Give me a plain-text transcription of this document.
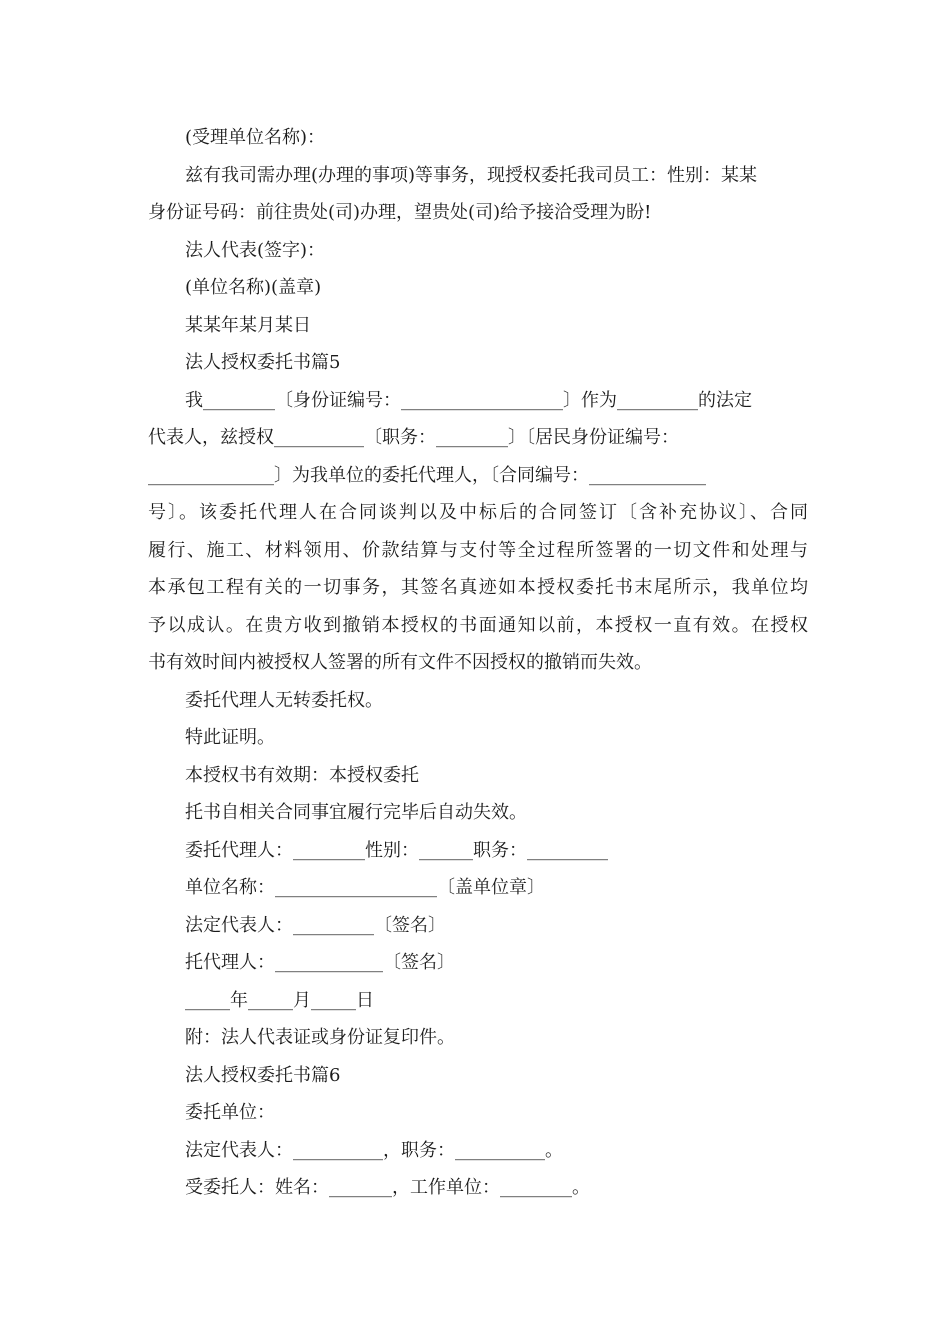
(受理单位名称)：
兹有我司需办理(办理的事项)等事务，现授权委托我司员工：性别：某某
身份证号码：前往贵处(司)办理，望贵处(司)给予接洽受理为盼!
法人代表(签字)：
(单位名称)(盖章)
某某年某月某日
法人授权委托书篇5
我________〔身份证编号：__________________〕作为_________的法定
代表人，兹授权__________〔职务：________〕〔居民身份证编号：
______________〕为我单位的委托代理人，〔合同编号：_____________
号〕。该委托代理人在合同谈判以及中标后的合同签订〔含补充协议〕、合同
履行、施工、材料领用、价款结算与支付等全过程所签署的一切文件和处理与
本承包工程有关的一切事务，其签名真迹如本授权委托书末尾所示，我单位均
予以成认。在贵方收到撤销本授权的书面通知以前，本授权一直有效。在授权
书有效时间内被授权人签署的所有文件不因授权的撤销而失效。
委托代理人无转委托权。
特此证明。
本授权书有效期：本授权委托
托书自相关合同事宜履行完毕后自动失效。
委托代理人：________性别：______职务：_________
单位名称：__________________〔盖单位章〕
法定代表人：_________〔签名〕
托代理人：____________〔签名〕
_____年_____月_____日
附：法人代表证或身份证复印件。
法人授权委托书篇6
委托单位：
法定代表人：__________，职务：__________。
受委托人：姓名：_______，工作单位：________。
